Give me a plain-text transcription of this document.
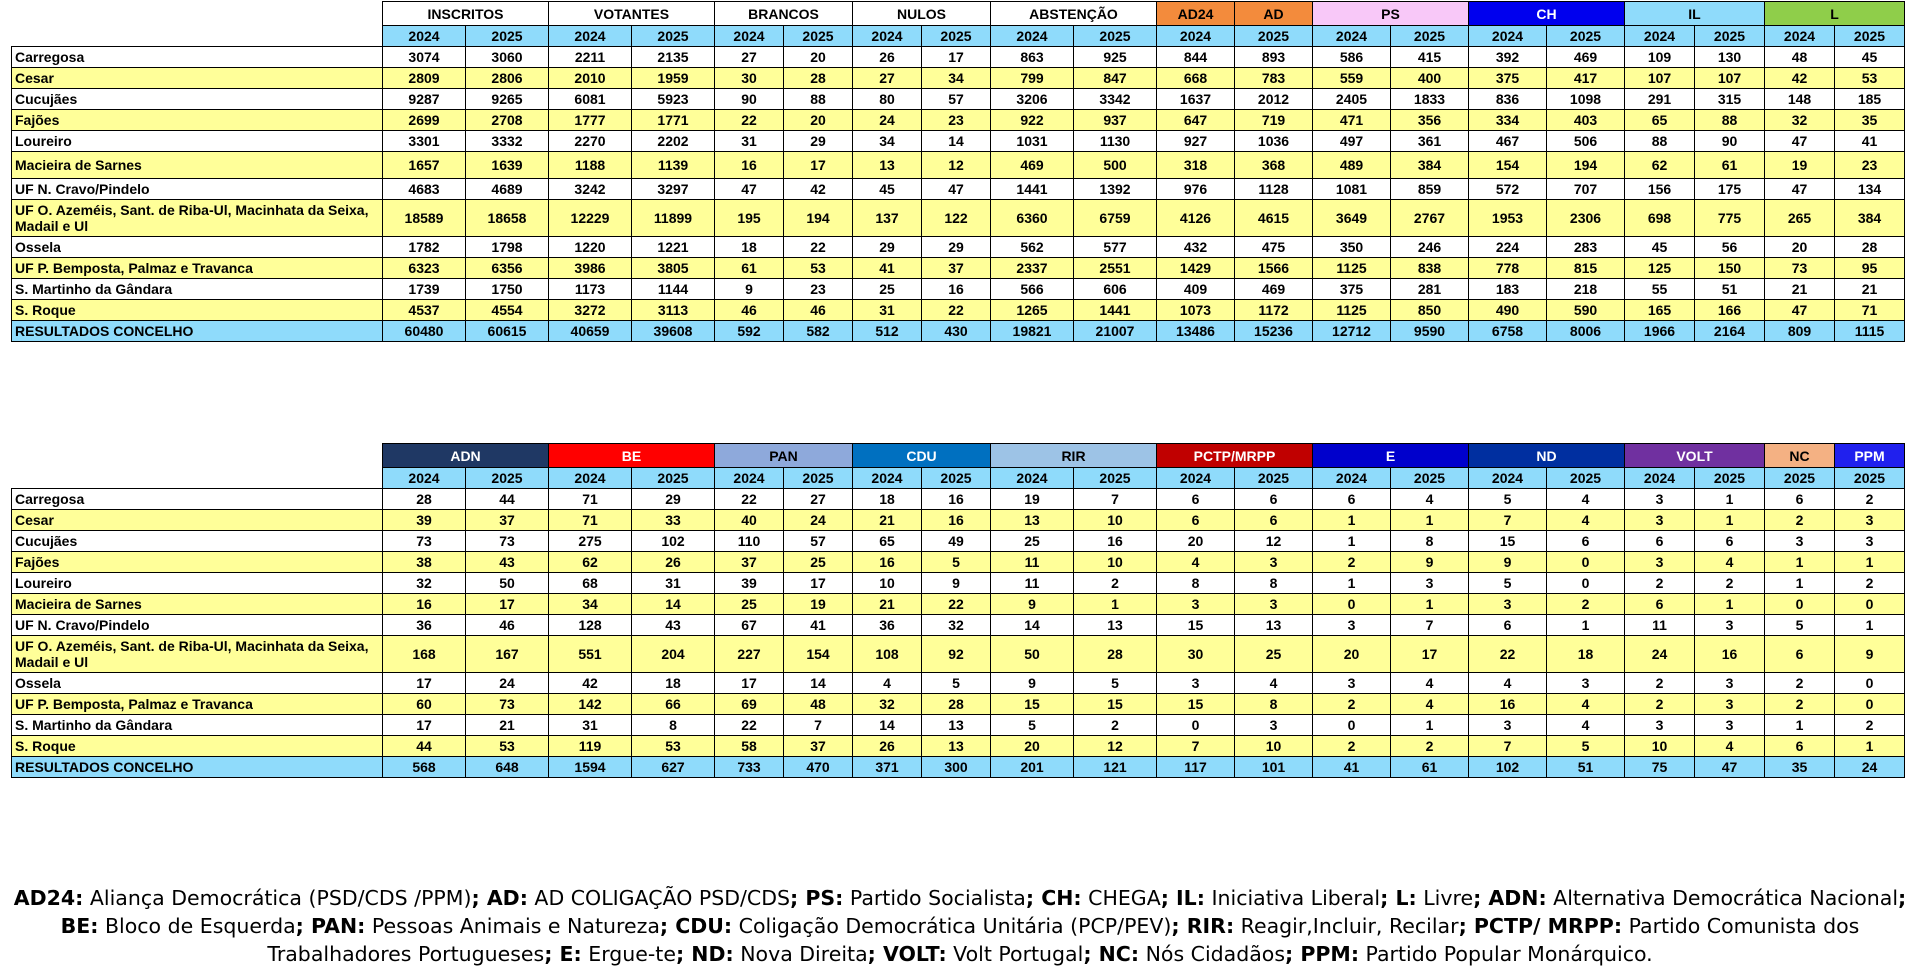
	INSCRITOS		VOTANTES		BRANCOS		NULOS		ABSTENÇÃO		AD24	AD	PS		CH		IL		L	
	2024	2025	2024	2025	2024	2025	2024	2025	2024	2025	2024	2025	2024	2025	2024	2025	2024	2025	2024	2025
Carregosa	3074	3060	2211	2135	27	20	26	17	863	925	844	893	586	415	392	469	109	130	48	45
Cesar	2809	2806	2010	1959	30	28	27	34	799	847	668	783	559	400	375	417	107	107	42	53
Cucujães	9287	9265	6081	5923	90	88	80	57	3206	3342	1637	2012	2405	1833	836	1098	291	315	148	185
Fajões	2699	2708	1777	1771	22	20	24	23	922	937	647	719	471	356	334	403	65	88	32	35
Loureiro	3301	3332	2270	2202	31	29	34	14	1031	1130	927	1036	497	361	467	506	88	90	47	41
Macieira de Sarnes	1657	1639	1188	1139	16	17	13	12	469	500	318	368	489	384	154	194	62	61	19	23
UF N. Cravo/Pindelo	4683	4689	3242	3297	47	42	45	47	1441	1392	976	1128	1081	859	572	707	156	175	47	134
UF O. Azeméis, Sant. de Riba-Ul, Macinhata da Seixa, Madail e Ul	18589	18658	12229	11899	195	194	137	122	6360	6759	4126	4615	3649	2767	1953	2306	698	775	265	384
Ossela	1782	1798	1220	1221	18	22	29	29	562	577	432	475	350	246	224	283	45	56	20	28
UF P. Bemposta, Palmaz e Travanca	6323	6356	3986	3805	61	53	41	37	2337	2551	1429	1566	1125	838	778	815	125	150	73	95
S. Martinho da Gândara	1739	1750	1173	1144	9	23	25	16	566	606	409	469	375	281	183	218	55	51	21	21
S. Roque	4537	4554	3272	3113	46	46	31	22	1265	1441	1073	1172	1125	850	490	590	165	166	47	71
RESULTADOS CONCELHO	60480	60615	40659	39608	592	582	512	430	19821	21007	13486	15236	12712	9590	6758	8006	1966	2164	809	1115
	ADN		BE		PAN		CDU		RIR		PCTP/MRPP		E		ND		VOLT		NC	PPM
	2024	2025	2024	2025	2024	2025	2024	2025	2024	2025	2024	2025	2024	2025	2024	2025	2024	2025	2025	2025
Carregosa	28	44	71	29	22	27	18	16	19	7	6	6	6	4	5	4	3	1	6	2
Cesar	39	37	71	33	40	24	21	16	13	10	6	6	1	1	7	4	3	1	2	3
Cucujães	73	73	275	102	110	57	65	49	25	16	20	12	1	8	15	6	6	6	3	3
Fajões	38	43	62	26	37	25	16	5	11	10	4	3	2	9	9	0	3	4	1	1
Loureiro	32	50	68	31	39	17	10	9	11	2	8	8	1	3	5	0	2	2	1	2
Macieira de Sarnes	16	17	34	14	25	19	21	22	9	1	3	3	0	1	3	2	6	1	0	0
UF N. Cravo/Pindelo	36	46	128	43	67	41	36	32	14	13	15	13	3	7	6	1	11	3	5	1
UF O. Azeméis, Sant. de Riba-Ul, Macinhata da Seixa, Madail e Ul	168	167	551	204	227	154	108	92	50	28	30	25	20	17	22	18	24	16	6	9
Ossela	17	24	42	18	17	14	4	5	9	5	3	4	3	4	4	3	2	3	2	0
UF P. Bemposta, Palmaz e Travanca	60	73	142	66	69	48	32	28	15	15	15	8	2	4	16	4	2	3	2	0
S. Martinho da Gândara	17	21	31	8	22	7	14	13	5	2	0	3	0	1	3	4	3	3	1	2
S. Roque	44	53	119	53	58	37	26	13	20	12	7	10	2	2	7	5	10	4	6	1
RESULTADOS CONCELHO	568	648	1594	627	733	470	371	300	201	121	117	101	41	61	102	51	75	47	35	24
AD24: Aliança Democrática (PSD/CDS /PPM); AD: AD COLIGAÇÃO PSD/CDS; PS: Partido Socialista; CH: CHEGA; IL: Iniciativa Liberal; L: Livre; ADN: Alternativa Democrática Nacional; BE: Bloco de Esquerda; PAN: Pessoas Animais e Natureza; CDU: Coligação Democrática Unitária (PCP/PEV); RIR: Reagir,Incluir, Recilar; PCTP/ MRPP: Partido Comunista dos Trabalhadores Portugueses; E: Ergue-te; ND: Nova Direita; VOLT: Volt Portugal; NC: Nós Cidadãos; PPM: Partido Popular Monárquico.
